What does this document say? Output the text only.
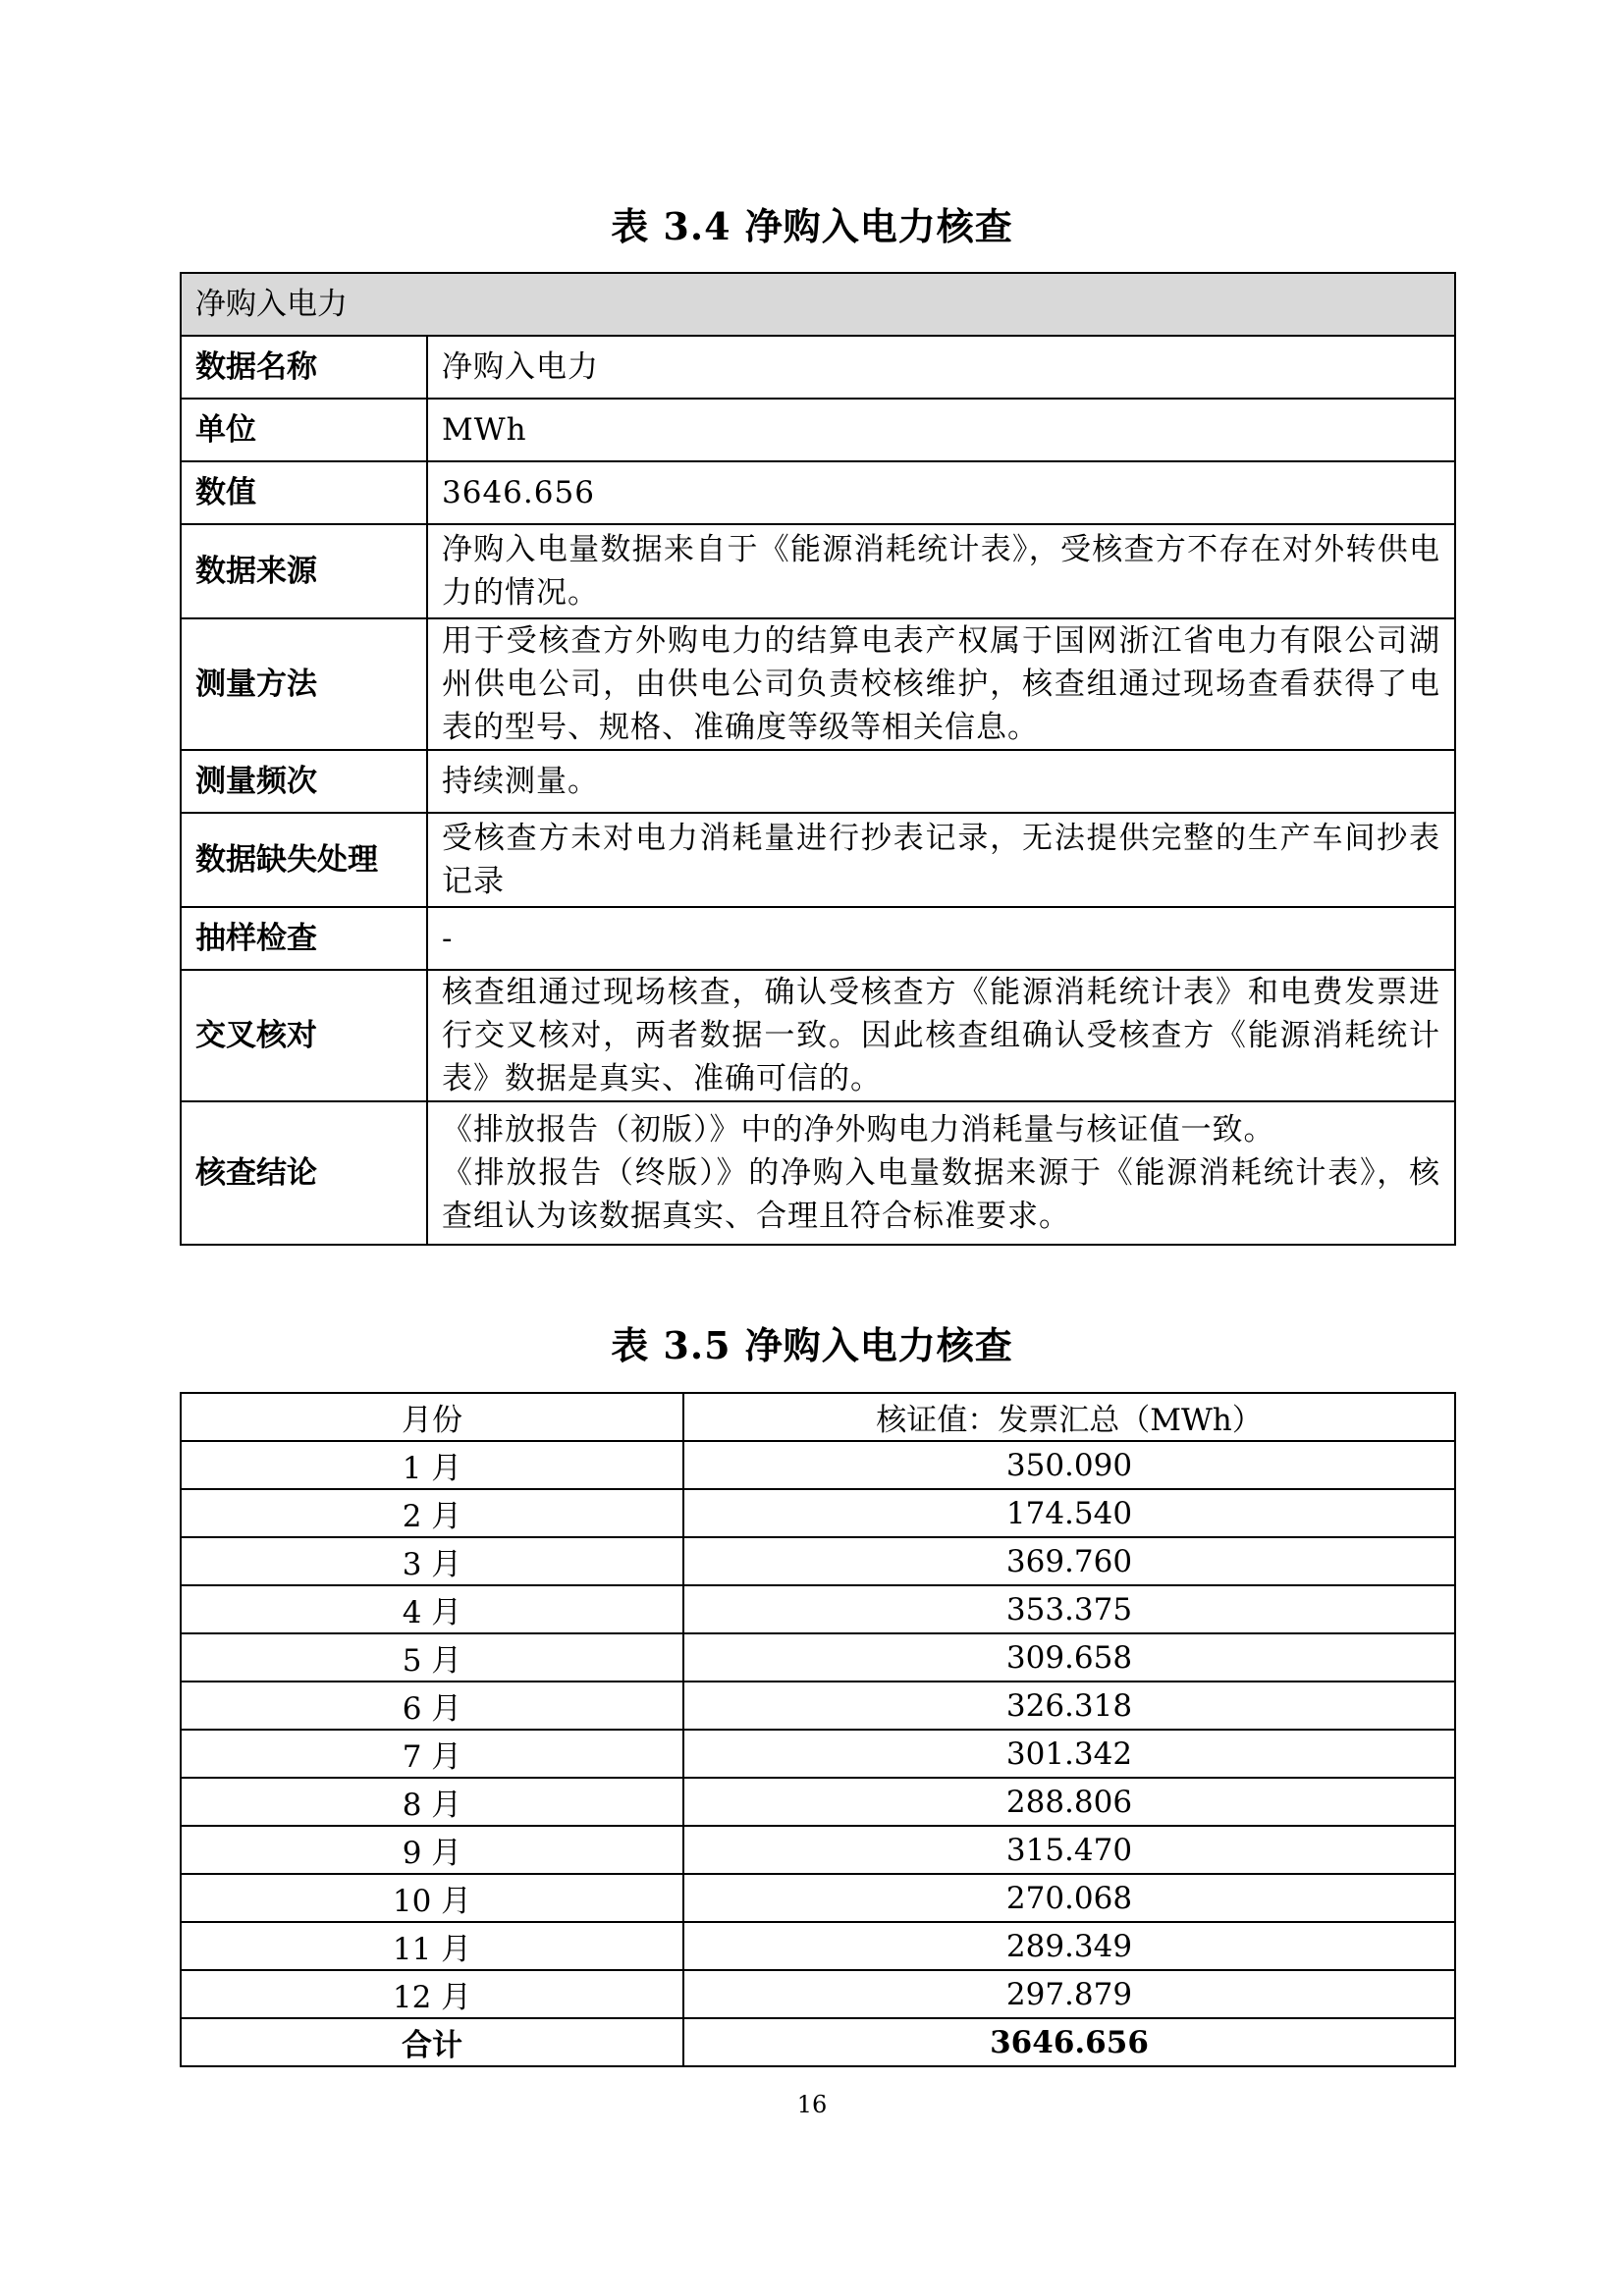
表 3.4 净购入电力核查
净购入电力	
数据名称	净购入电力
单位	MWh
数值	3646.656
数据来源	净购入电量数据来自于《能源消耗统计表》，受核查方不存在对外转供电力的情况。
测量方法	用于受核查方外购电力的结算电表产权属于国网浙江省电力有限公司湖州供电公司，由供电公司负责校核维护，核查组通过现场查看获得了电表的型号、规格、准确度等级等相关信息。
测量频次	持续测量。
数据缺失处理	受核查方未对电力消耗量进行抄表记录，无法提供完整的生产车间抄表记录
抽样检查	-
交叉核对	核查组通过现场核查，确认受核查方《能源消耗统计表》和电费发票进行交叉核对，两者数据一致。因此核查组确认受核查方《能源消耗统计表》数据是真实、准确可信的。
核查结论	《排放报告（初版）》中的净外购电力消耗量与核证值一致。

《排放报告（终版）》的净购入电量数据来源于《能源消耗统计表》，核查组认为该数据真实、合理且符合标准要求。

表 3.5 净购入电力核查
月份	核证值：发票汇总（MWh）
1 月	350.090
2 月	174.540
3 月	369.760
4 月	353.375
5 月	309.658
6 月	326.318
7 月	301.342
8 月	288.806
9 月	315.470
10 月	270.068
11 月	289.349
12 月	297.879
合计	3646.656
16
